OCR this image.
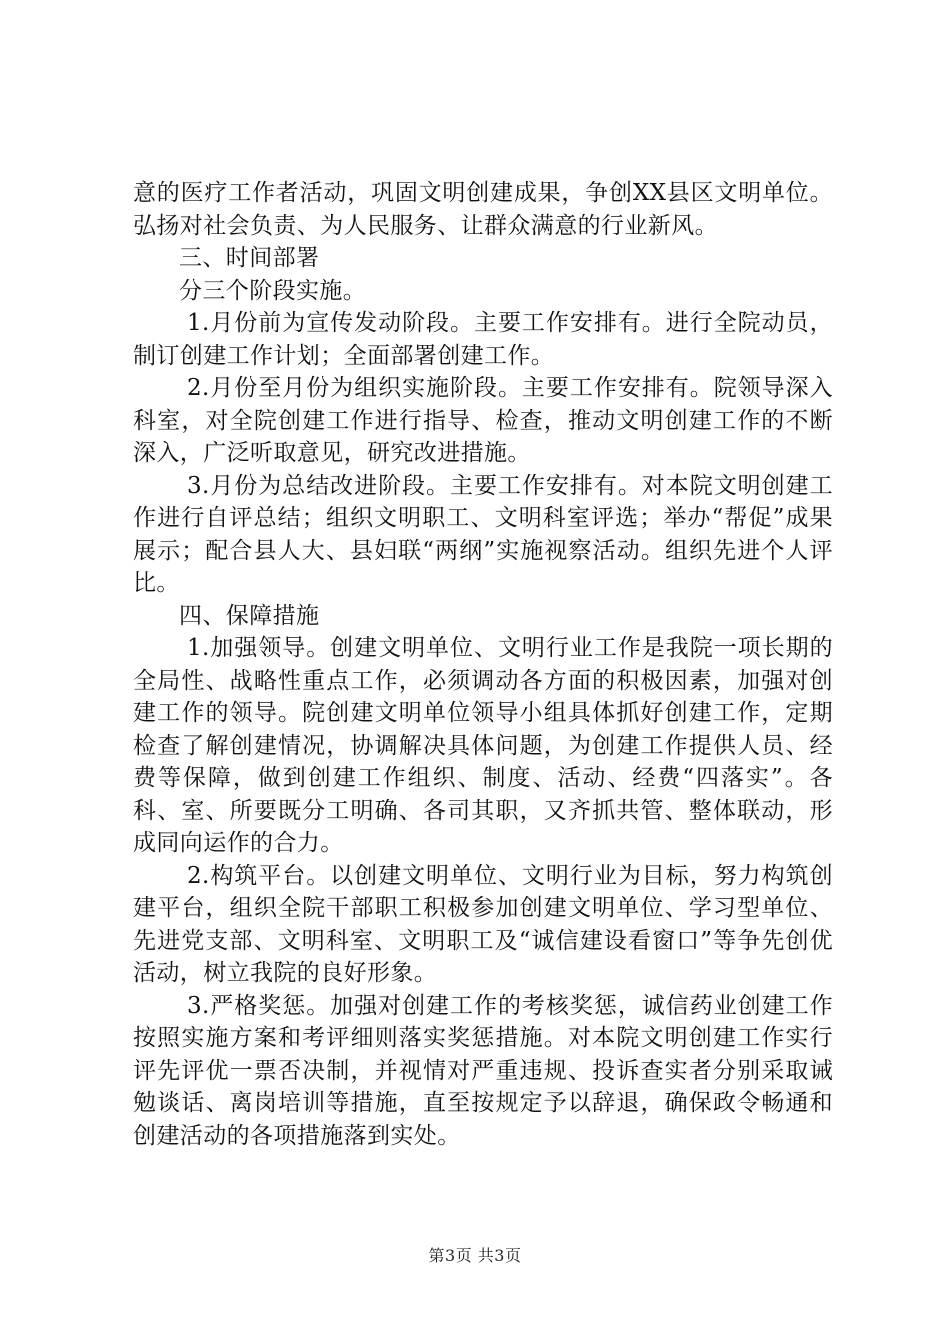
意的医疗工作者活动，巩固文明创建成果，争创XX县区文明单位。弘扬对社会负责、为人民服务、让群众满意的行业新风。

三、时间部署

分三个阶段实施。

1.月份前为宣传发动阶段。主要工作安排有。进行全院动员，制订创建工作计划；全面部署创建工作。

2.月份至月份为组织实施阶段。主要工作安排有。院领导深入科室，对全院创建工作进行指导、检查，推动文明创建工作的不断深入，广泛听取意见，研究改进措施。

3.月份为总结改进阶段。主要工作安排有。对本院文明创建工作进行自评总结；组织文明职工、文明科室评选；举办“帮促”成果展示；配合县人大、县妇联“两纲”实施视察活动。组织先进个人评比。

四、保障措施

1.加强领导。创建文明单位、文明行业工作是我院一项长期的全局性、战略性重点工作，必须调动各方面的积极因素，加强对创建工作的领导。院创建文明单位领导小组具体抓好创建工作，定期检查了解创建情况，协调解决具体问题，为创建工作提供人员、经费等保障，做到创建工作组织、制度、活动、经费“四落实”。各科、室、所要既分工明确、各司其职，又齐抓共管、整体联动，形成同向运作的合力。

2.构筑平台。以创建文明单位、文明行业为目标，努力构筑创建平台，组织全院干部职工积极参加创建文明单位、学习型单位、先进党支部、文明科室、文明职工及“诚信建设看窗口”等争先创优活动，树立我院的良好形象。

3.严格奖惩。加强对创建工作的考核奖惩，诚信药业创建工作按照实施方案和考评细则落实奖惩措施。对本院文明创建工作实行评先评优一票否决制，并视情对严重违规、投诉查实者分别采取诫勉谈话、离岗培训等措施，直至按规定予以辞退，确保政令畅通和创建活动的各项措施落到实处。

第3页 共3页
